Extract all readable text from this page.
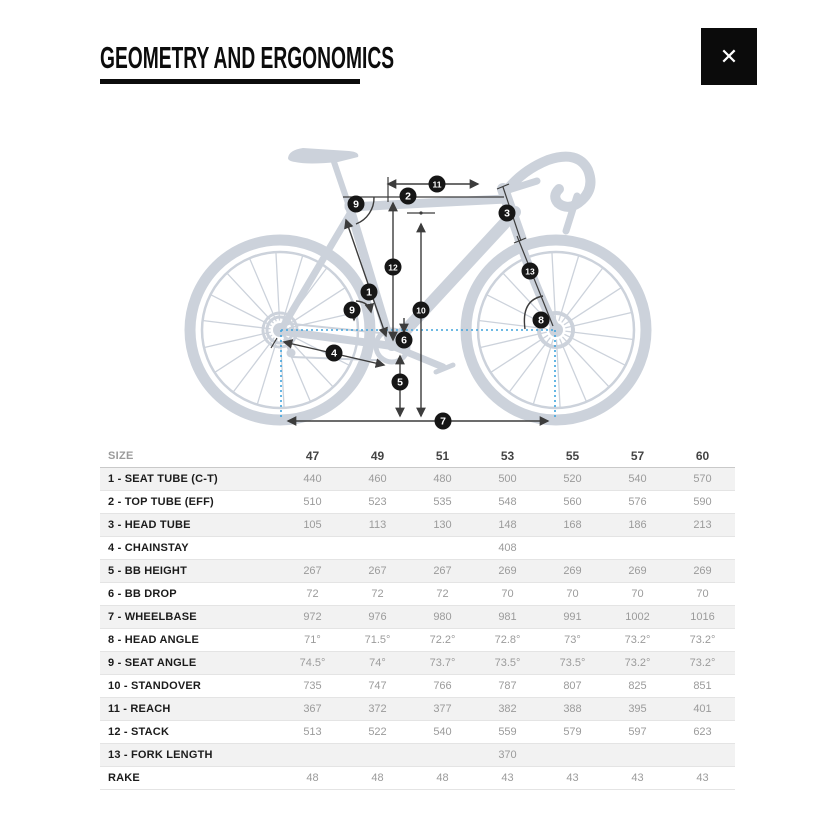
GEOMETRY AND ERGONOMICS	✕
1
2
3
4
5
6
7
8
9
9	10
11
12	13
SIZE	47	49	51	53	55	57	60
1 - SEAT TUBE (C-T)	440	460	480	500	520	540	570
2 - TOP TUBE (EFF)	510	523	535	548	560	576	590
3 - HEAD TUBE	105	113	130	148	168	186	213
4 - CHAINSTAY				408			
5 - BB HEIGHT	267	267	267	269	269	269	269
6 - BB DROP	72	72	72	70	70	70	70
7 - WHEELBASE	972	976	980	981	991	1002	1016
8 - HEAD ANGLE	71°	71.5°	72.2°	72.8°	73°	73.2°	73.2°
9 - SEAT ANGLE	74.5°	74°	73.7°	73.5°	73.5°	73.2°	73.2°
10 - STANDOVER	735	747	766	787	807	825	851
11 - REACH	367	372	377	382	388	395	401
12 - STACK	513	522	540	559	579	597	623
13 - FORK LENGTH				370			
RAKE	48	48	48	43	43	43	43
